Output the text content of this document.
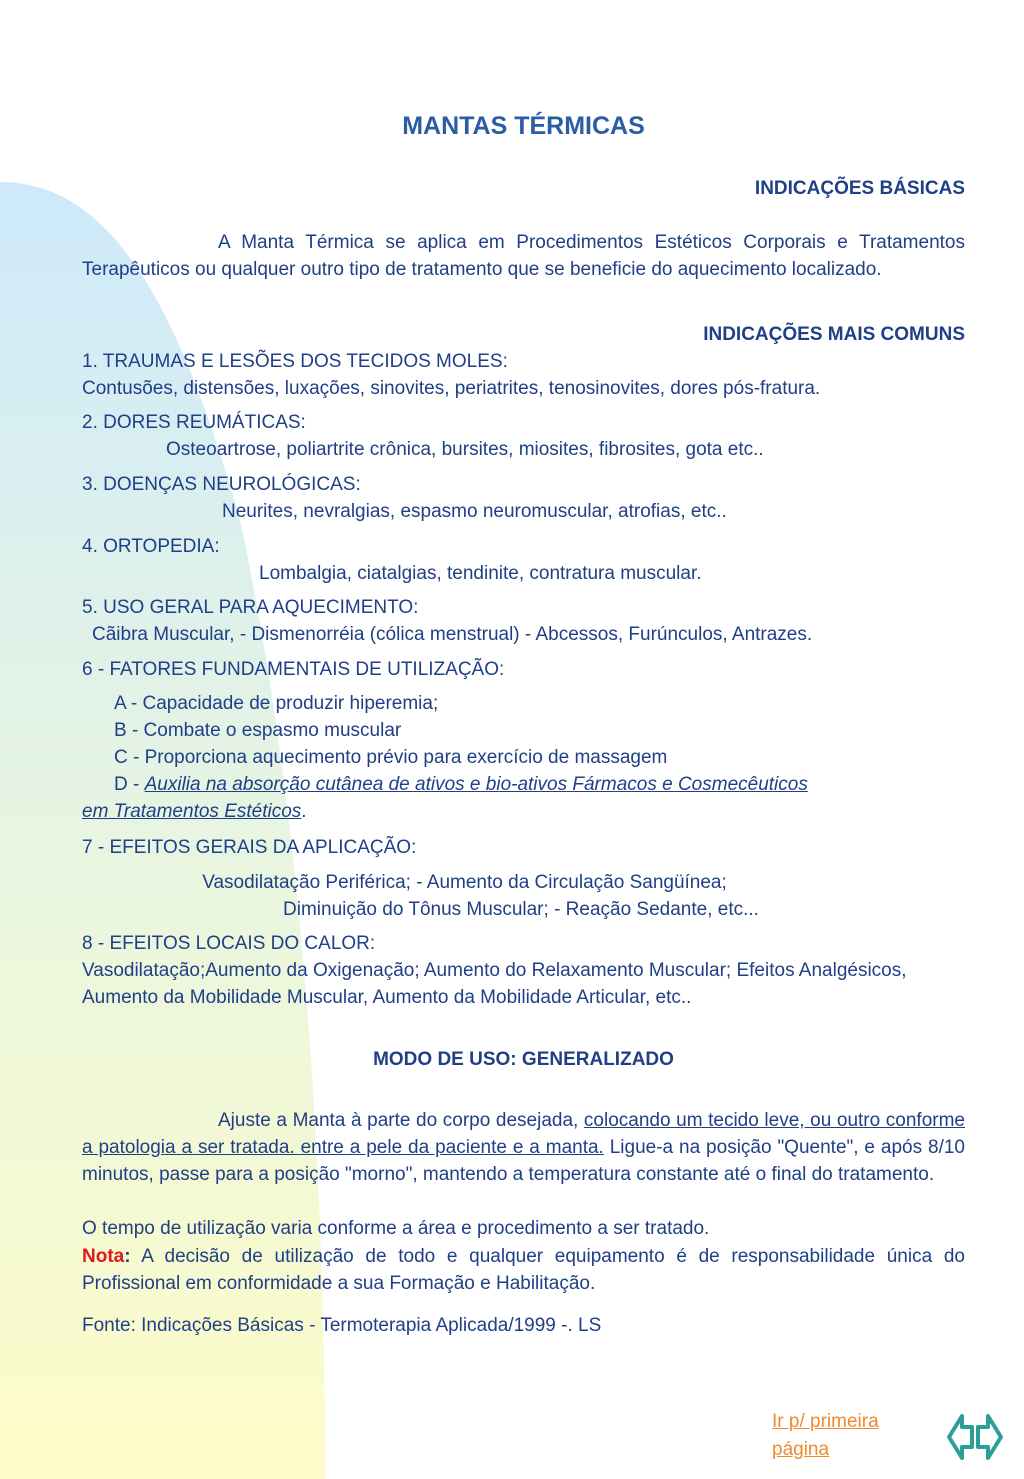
MANTAS TÉRMICAS
INDICAÇÕES BÁSICAS

A Manta Térmica se aplica em Procedimentos Estéticos Corporais e Tratamentos Terapêuticos ou qualquer outro tipo de tratamento que se beneficie do aquecimento localizado.

INDICAÇÕES MAIS COMUNS
1. TRAUMAS E LESÕES DOS TECIDOS MOLES:
Contusões, distensões, luxações, sinovites, periatrites, tenosinovites, dores pós-fratura.
2. DORES REUMÁTICAS:
Osteoartrose, poliartrite crônica, bursites, miosites, fibrosites, gota etc..
3. DOENÇAS NEUROLÓGICAS:
Neurites, nevralgias, espasmo neuromuscular, atrofias, etc..
4. ORTOPEDIA:
Lombalgia, ciatalgias, tendinite, contratura muscular.
5. USO GERAL PARA AQUECIMENTO:
Cãibra Muscular, - Dismenorréia (cólica menstrual) - Abcessos, Furúnculos, Antrazes.
6 - FATORES FUNDAMENTAIS DE UTILIZAÇÃO:
A - Capacidade de produzir hiperemia;
B - Combate o espasmo muscular
C - Proporciona aquecimento prévio para exercício de massagem
D - Auxilia na absorção cutânea de ativos e bio-ativos Fármacos e Cosmecêuticos
em Tratamentos Estéticos.
7 - EFEITOS GERAIS DA APLICAÇÃO:
Vasodilatação Periférica; - Aumento da Circulação Sangüínea;
Diminuição do Tônus Muscular; - Reação Sedante, etc...
8 - EFEITOS LOCAIS DO CALOR:

Vasodilatação;Aumento da Oxigenação; Aumento do Relaxamento Muscular; Efeitos Analgésicos, Aumento da Mobilidade Muscular, Aumento da Mobilidade Articular, etc..

MODO DE USO: GENERALIZADO

Ajuste a Manta à parte do corpo desejada, colocando um tecido leve, ou outro conforme a patologia a ser tratada. entre a pele da paciente e a manta. Ligue-a na posição "Quente", e após 8/10 minutos, passe para a posição "morno", mantendo a temperatura constante até o final do tratamento.

O tempo de utilização varia conforme a área e procedimento a ser tratado.

Nota: A decisão de utilização de todo e qualquer equipamento é de responsabilidade única do Profissional em conformidade a sua Formação e Habilitação.

Fonte: Indicações Básicas - Termoterapia Aplicada/1999 -. LS

Ir p/ primeira página
